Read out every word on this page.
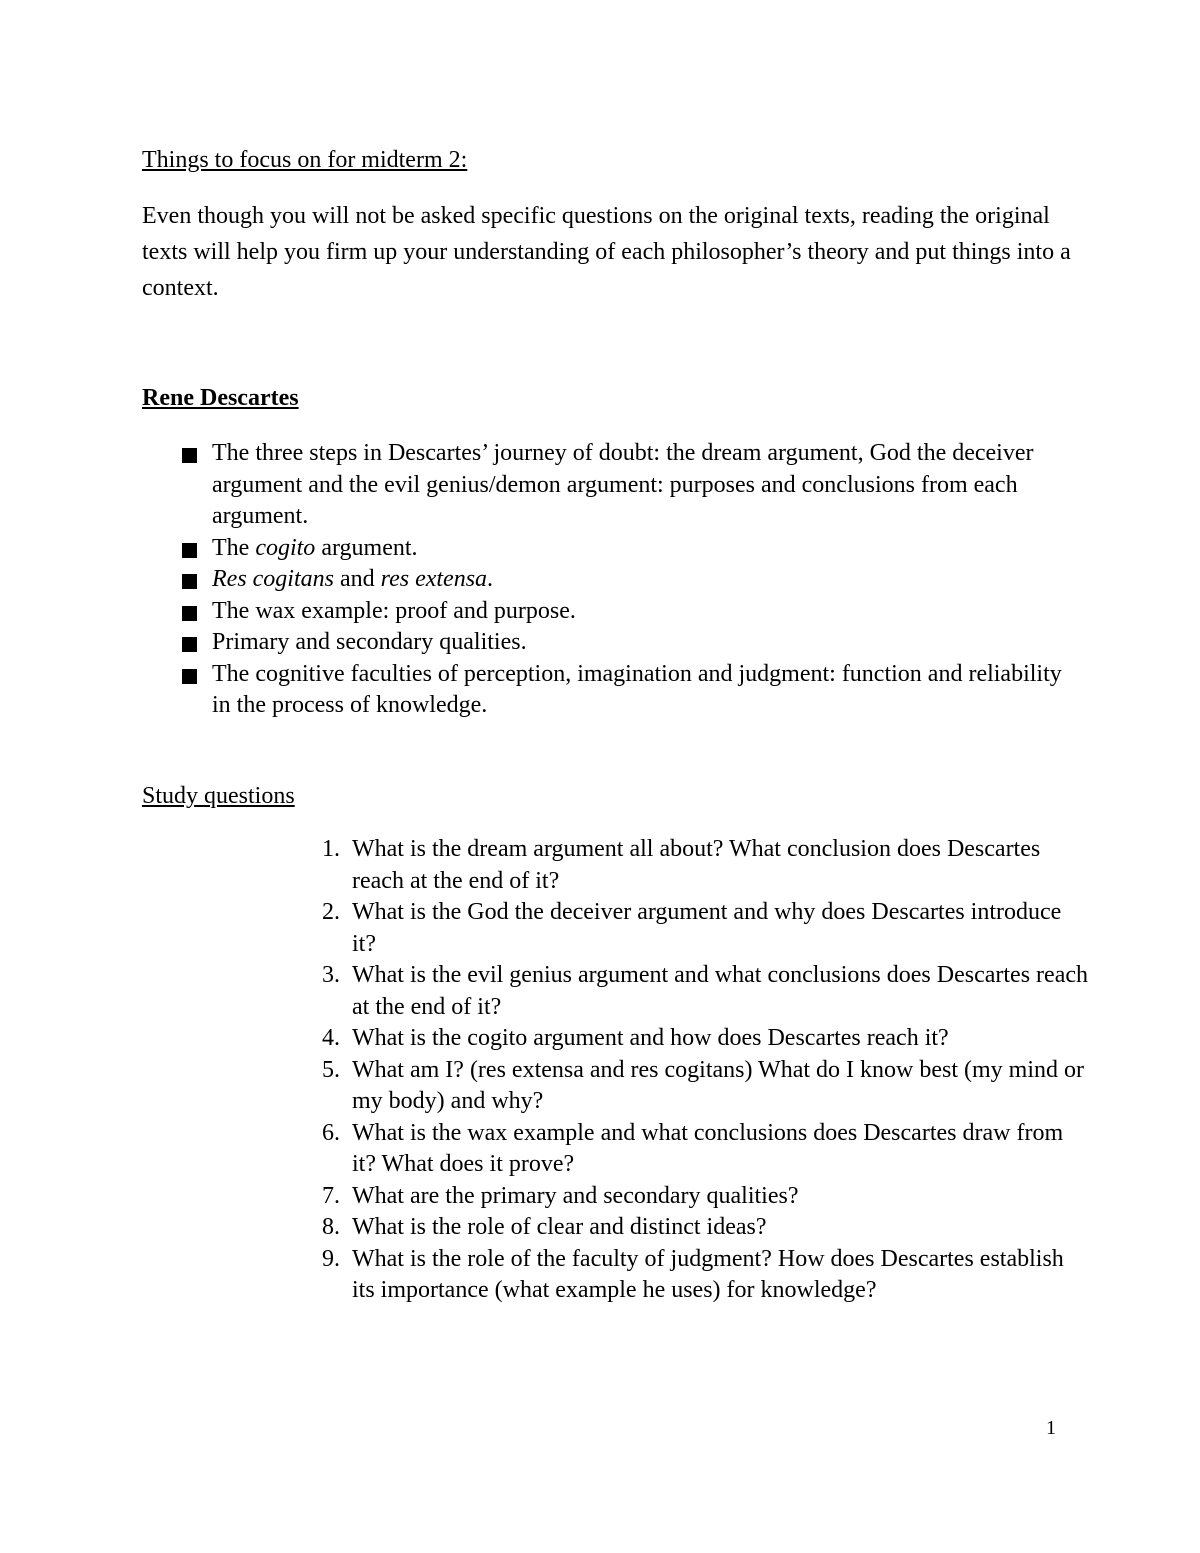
Things to focus on for midterm 2:
Even though you will not be asked specific questions on the original texts, reading the original texts will help you firm up your understanding of each philosopher’s theory and put things into a context.
Rene Descartes
The three steps in Descartes’ journey of doubt: the dream argument, God the deceiver argument and the evil genius/demon argument: purposes and conclusions from each argument.
The cogito argument.
Res cogitans and res extensa.
The wax example: proof and purpose.
Primary and secondary qualities.
The cognitive faculties of perception, imagination and judgment: function and reliability in the process of knowledge.
Study questions
1. What is the dream argument all about? What conclusion does Descartes reach at the end of it?
2. What is the God the deceiver argument and why does Descartes introduce it?
3. What is the evil genius argument and what conclusions does Descartes reach at the end of it?
4. What is the cogito argument and how does Descartes reach it?
5. What am I? (res extensa and res cogitans) What do I know best (my mind or my body) and why?
6. What is the wax example and what conclusions does Descartes draw from it? What does it prove?
7. What are the primary and secondary qualities?
8. What is the role of clear and distinct ideas?
9. What is the role of the faculty of judgment? How does Descartes establish its importance (what example he uses) for knowledge?
1
